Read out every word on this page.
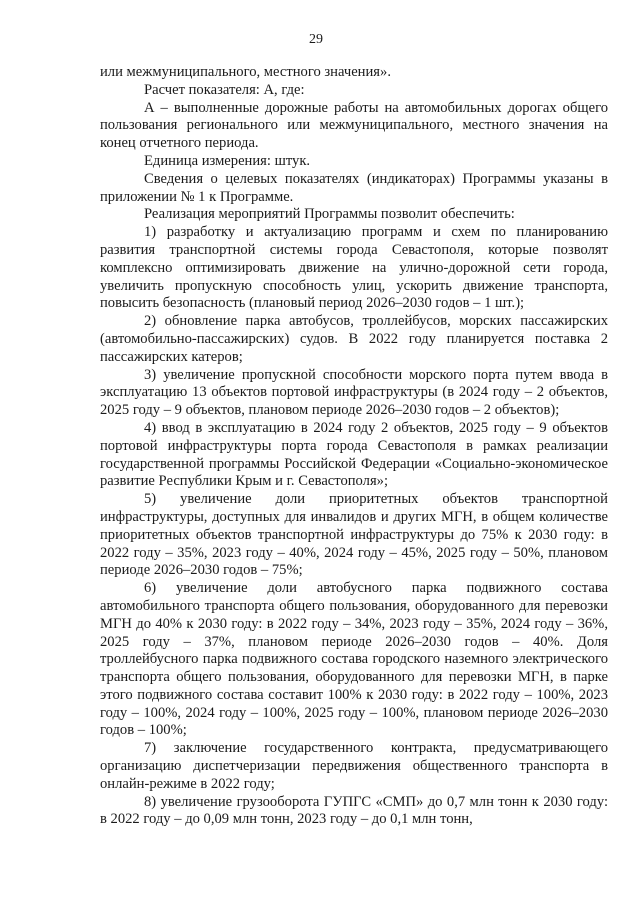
29

или межмуниципального, местного значения».

Расчет показателя: А, где:

А – выполненные дорожные работы на автомобильных дорогах общего пользования регионального или межмуниципального, местного значения на конец отчетного периода.

Единица измерения: штук.

Сведения о целевых показателях (индикаторах) Программы указаны в приложении № 1 к Программе.

Реализация мероприятий Программы позволит обеспечить:

1) разработку и актуализацию программ и схем по планированию развития транспортной системы города Севастополя, которые позволят комплексно оптимизировать движение на улично-дорожной сети города, увеличить пропускную способность улиц, ускорить движение транспорта, повысить безопасность (плановый период 2026–2030 годов – 1 шт.);

2) обновление парка автобусов, троллейбусов, морских пассажирских (автомобильно-пассажирских) судов. В 2022 году планируется поставка 2 пассажирских катеров;

3) увеличение пропускной способности морского порта путем ввода в эксплуатацию 13 объектов портовой инфраструктуры (в 2024 году – 2 объектов, 2025 году – 9 объектов, плановом периоде 2026–2030 годов – 2 объектов);

4) ввод в эксплуатацию в 2024 году 2 объектов, 2025 году – 9 объектов портовой инфраструктуры порта города Севастополя в рамках реализации государственной программы Российской Федерации «Социально-экономическое развитие Республики Крым и г. Севастополя»;

5) увеличение доли приоритетных объектов транспортной инфраструктуры, доступных для инвалидов и других МГН, в общем количестве приоритетных объектов транспортной инфраструктуры до 75% к 2030 году: в 2022 году – 35%, 2023 году – 40%, 2024 году – 45%, 2025 году – 50%, плановом периоде 2026–2030 годов – 75%;

6) увеличение доли автобусного парка подвижного состава автомобильного транспорта общего пользования, оборудованного для перевозки МГН до 40% к 2030 году: в 2022 году – 34%, 2023 году – 35%, 2024 году – 36%, 2025 году – 37%, плановом периоде 2026–2030 годов – 40%. Доля троллейбусного парка подвижного состава городского наземного электрического транспорта общего пользования, оборудованного для перевозки МГН, в парке этого подвижного состава составит 100% к 2030 году: в 2022 году – 100%, 2023 году – 100%, 2024 году – 100%, 2025 году – 100%, плановом периоде 2026–2030 годов – 100%;

7) заключение государственного контракта, предусматривающего организацию диспетчеризации передвижения общественного транспорта в онлайн-режиме в 2022 году;

8) увеличение грузооборота ГУПГС «СМП» до 0,7 млн тонн к 2030 году: в 2022 году – до 0,09 млн тонн, 2023 году – до 0,1 млн тонн,
